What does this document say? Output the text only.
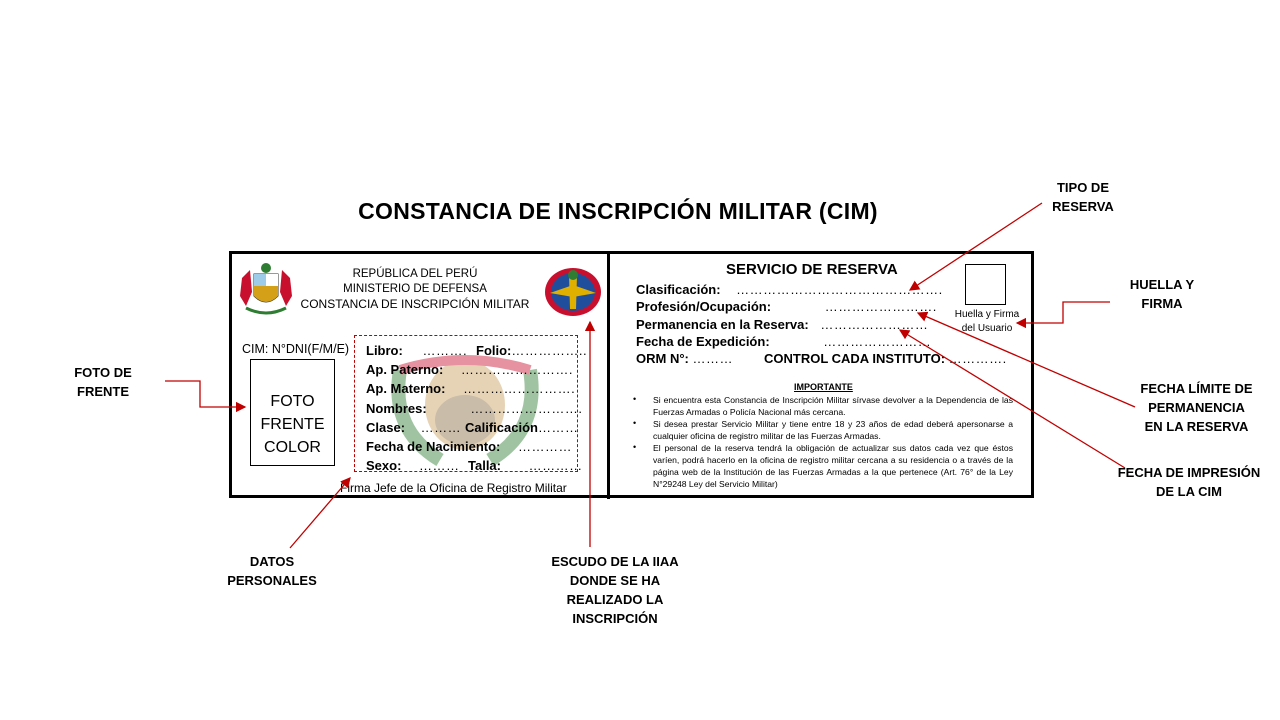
CONSTANCIA DE INSCRIPCIÓN MILITAR (CIM)
REPÚBLICA DEL PERÚ
MINISTERIO DE DEFENSA
CONSTANCIA DE INSCRIPCIÓN MILITAR
CIM: N°DNI(F/M/E)
FOTO
FRENTE
COLOR
Libro: ………. Folio:……………..
Ap. Paterno: …………………….
Ap. Materno: …………………….
Nombres:	…………………….
Clase: ……… Calificación………
Fecha de Nacimiento: …………
Sexo: ……… Talla: …………
Firma Jefe de la Oficina de Registro Militar
SERVICIO DE RESERVA
Clasificación: ……………………………………….
Profesión/Ocupación:	…………………….
Permanencia en la Reserva: ……………………
Fecha de Expedición:	……………………
ORM N°: ……… CONTROL CADA INSTITUTO: ………….
Huella y Firma
del Usuario
IMPORTANTE
•	Si encuentra esta Constancia de Inscripción Militar sírvase devolver a la Dependencia de las Fuerzas Armadas o Policía Nacional más cercana.
•	Si desea prestar Servicio Militar y tiene entre 18 y 23 años de edad deberá apersonarse a cualquier oficina de registro militar de las Fuerzas Armadas.
•	El personal de la reserva tendrá la obligación de actualizar sus datos cada vez que éstos varíen, podrá hacerlo en la oficina de registro militar cercana a su residencia o a través de la página web de la Institución de las Fuerzas Armadas a la que pertenece (Art. 76° de la Ley N°29248 Ley del Servicio Militar)
FOTO DE
FRENTE
DATOS
PERSONALES
ESCUDO DE LA IIAA
DONDE SE HA
REALIZADO LA
INSCRIPCIÓN
TIPO DE
RESERVA
HUELLA Y
FIRMA
FECHA LÍMITE DE
PERMANENCIA
EN LA RESERVA
FECHA DE IMPRESIÓN
DE LA CIM
